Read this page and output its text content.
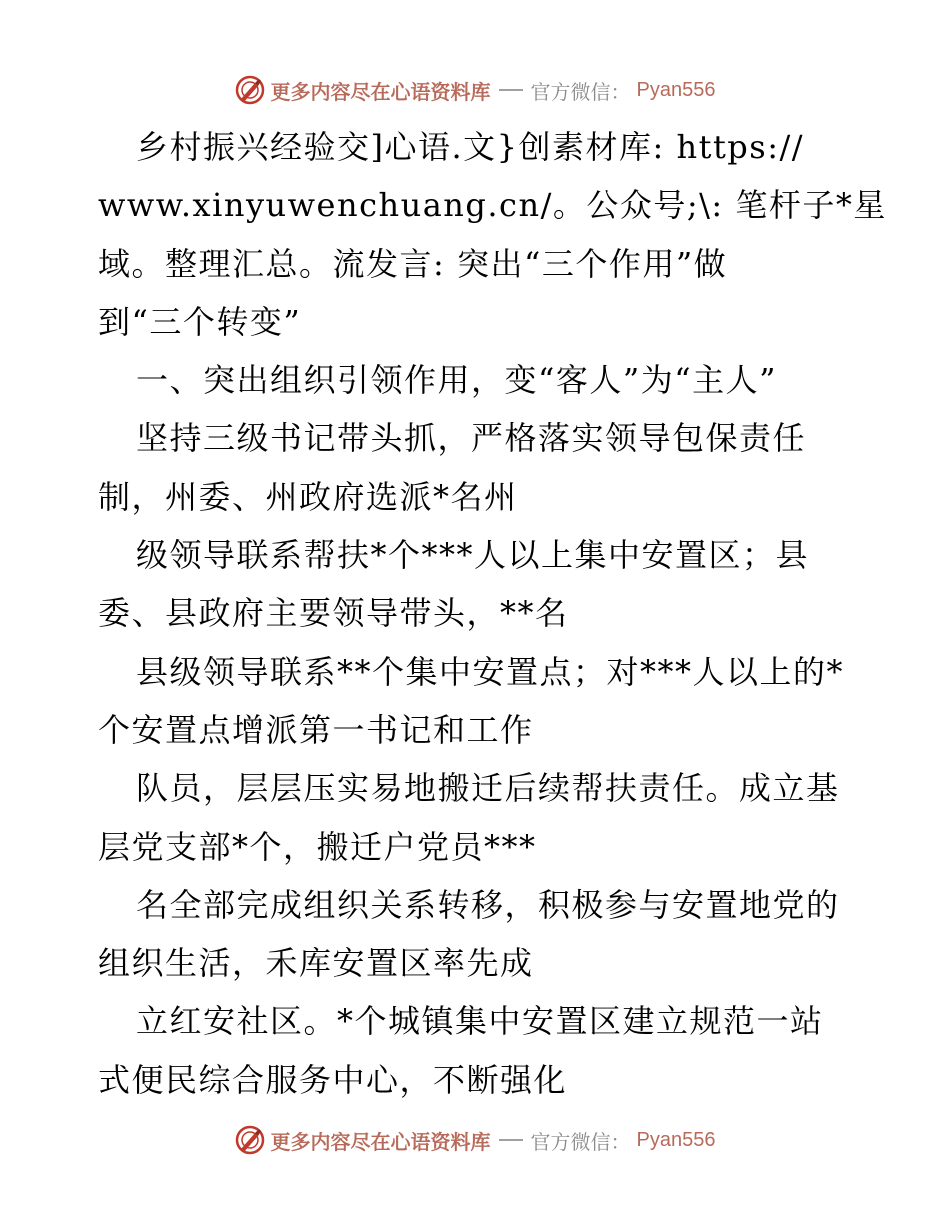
更多内容尽在心语资料库 官方微信： Pyan556
乡村振兴经验交]心语.文}创素材库: https://
www.xinyuwenchuang.cn/。公众号;\: 笔杆子*星
域。整理汇总。流发言: 突出“三个作用”做
到“三个转变”
一、突出组织引领作用，变“客人”为“主人”
坚持三级书记带头抓，严格落实领导包保责任
制，州委、州政府选派*名州
级领导联系帮扶*个***人以上集中安置区；县
委、县政府主要领导带头，**名
县级领导联系**个集中安置点；对***人以上的*
个安置点增派第一书记和工作
队员，层层压实易地搬迁后续帮扶责任。成立基
层党支部*个，搬迁户党员***
名全部完成组织关系转移，积极参与安置地党的
组织生活，禾库安置区率先成
立红安社区。*个城镇集中安置区建立规范一站
式便民综合服务中心，不断强化
更多内容尽在心语资料库 官方微信： Pyan556
